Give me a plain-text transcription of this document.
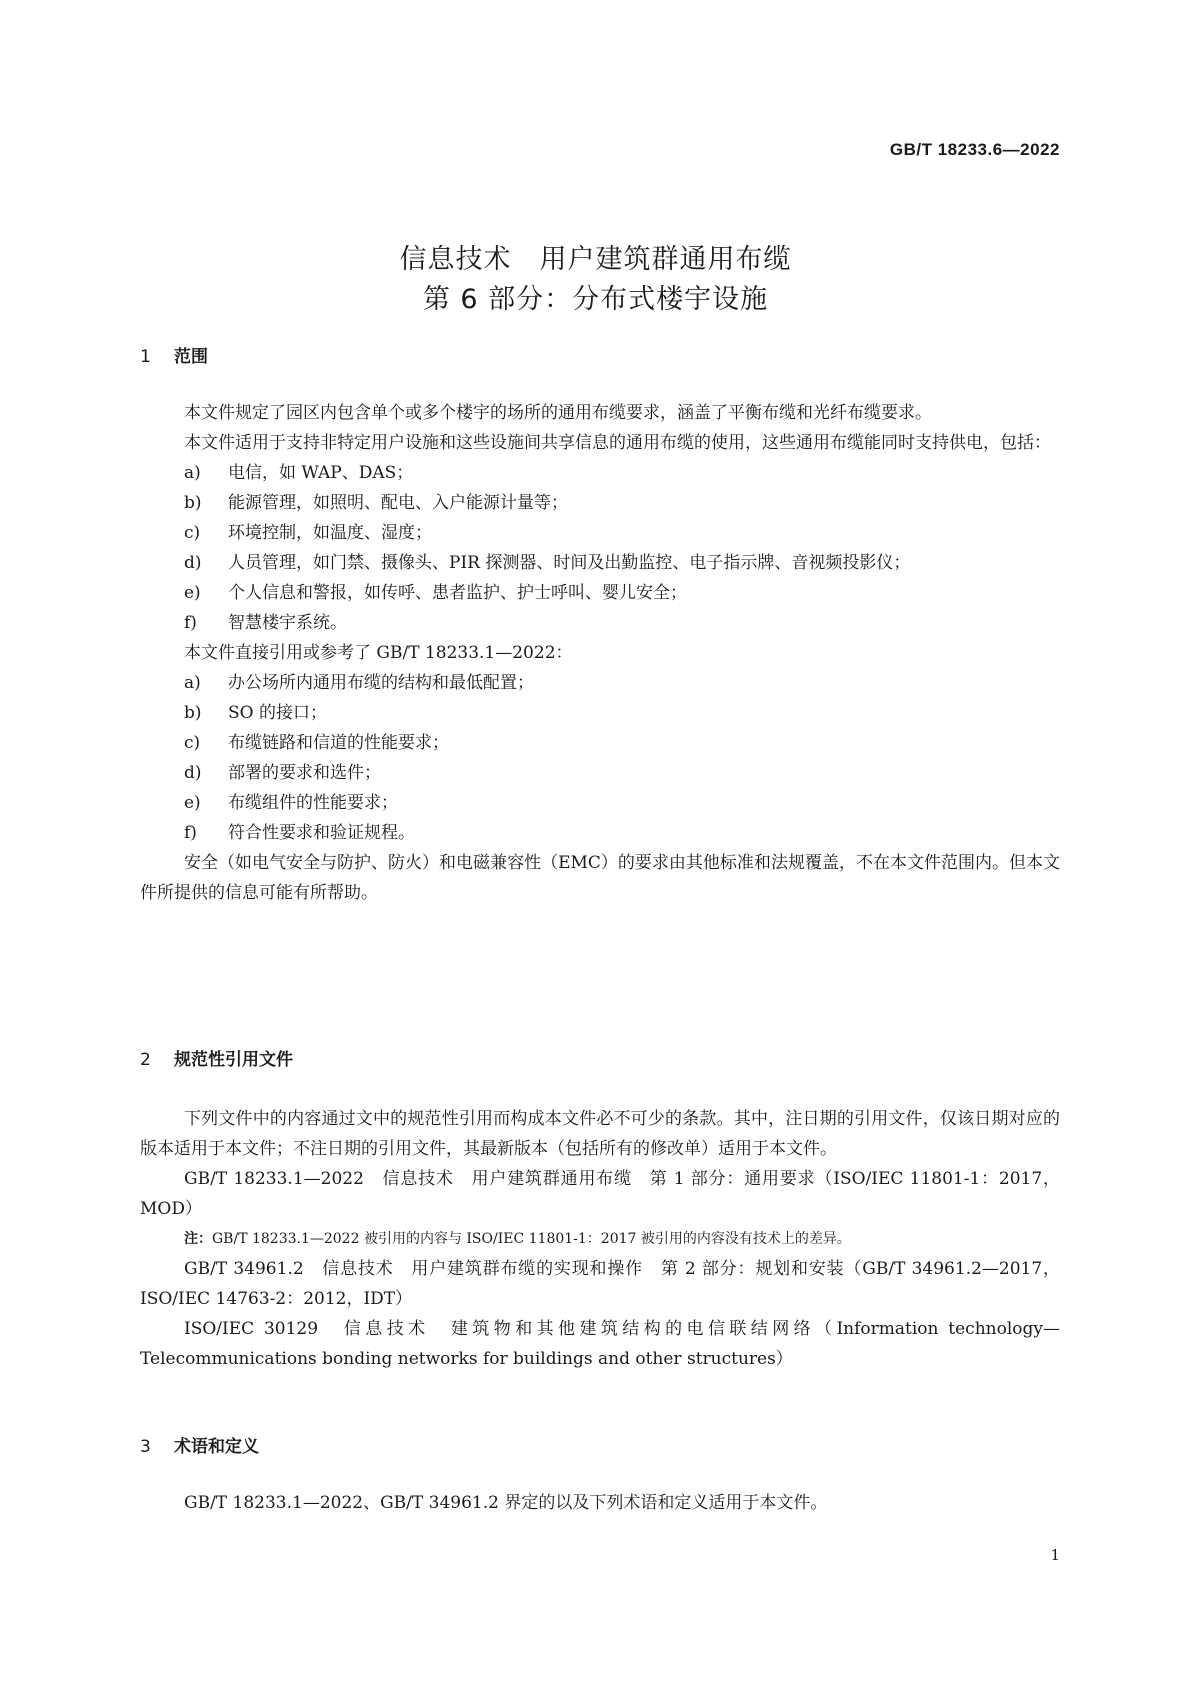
GB/T 18233.6—2022
信息技术　用户建筑群通用布缆
第 6 部分：分布式楼宇设施
1 范围

本文件规定了园区内包含单个或多个楼宇的场所的通用布缆要求，涵盖了平衡布缆和光纤布缆要求。

本文件适用于支持非特定用户设施和这些设施间共享信息的通用布缆的使用，这些通用布缆能同时支持供电，包括：

a) 电信，如 WAP、DAS；

b) 能源管理，如照明、配电、入户能源计量等；

c) 环境控制，如温度、湿度；

d) 人员管理，如门禁、摄像头、PIR 探测器、时间及出勤监控、电子指示牌、音视频投影仪；

e) 个人信息和警报，如传呼、患者监护、护士呼叫、婴儿安全；

f) 智慧楼宇系统。

本文件直接引用或参考了 GB/T 18233.1—2022：

a) 办公场所内通用布缆的结构和最低配置；

b) SO 的接口；

c) 布缆链路和信道的性能要求；

d) 部署的要求和选件；

e) 布缆组件的性能要求；

f) 符合性要求和验证规程。

安全（如电气安全与防护、防火）和电磁兼容性（EMC）的要求由其他标准和法规覆盖，不在本文件范围内。但本文件所提供的信息可能有所帮助。

2 规范性引用文件

下列文件中的内容通过文中的规范性引用而构成本文件必不可少的条款。其中，注日期的引用文件，仅该日期对应的版本适用于本文件；不注日期的引用文件，其最新版本（包括所有的修改单）适用于本文件。

GB/T 18233.1—2022　信息技术　用户建筑群通用布缆　第 1 部分：通用要求（ISO/IEC 11801-1：2017，MOD）

注：GB/T 18233.1—2022 被引用的内容与 ISO/IEC 11801-1：2017 被引用的内容没有技术上的差异。

GB/T 34961.2　信息技术　用户建筑群布缆的实现和操作　第 2 部分：规划和安装（GB/T 34961.2—2017，ISO/IEC 14763-2：2012，IDT）

ISO/IEC 30129　信息技术　建筑物和其他建筑结构的电信联结网络（Information technology—Telecommunications bonding networks for buildings and other structures）

3 术语和定义

GB/T 18233.1—2022、GB/T 34961.2 界定的以及下列术语和定义适用于本文件。

1
